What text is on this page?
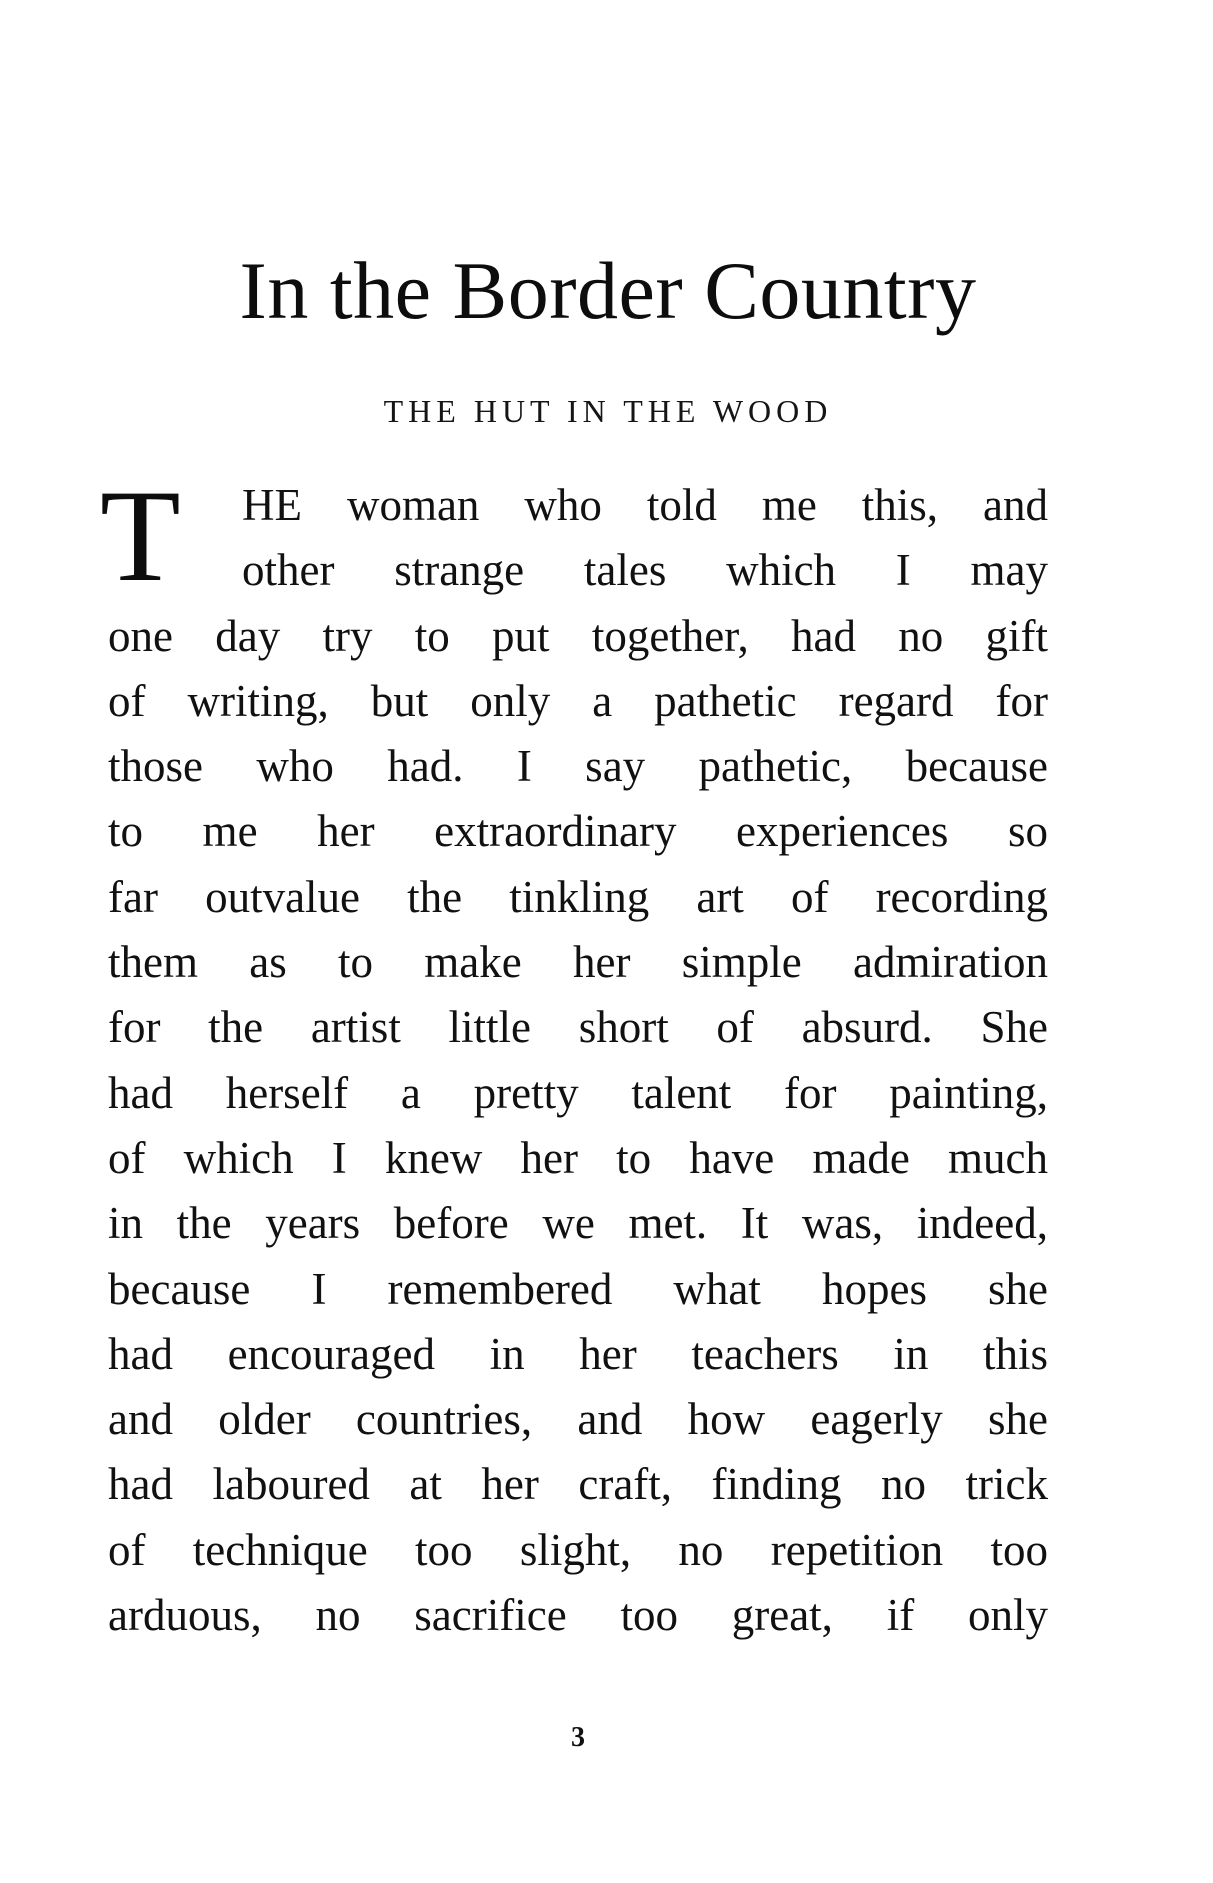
In the Border Country
THE HUT IN THE WOOD
T	HE woman who told me this, and
other strange tales which I may
one day try to put together, had no gift
of writing, but only a pathetic regard for
those who had. I say pathetic, because
to me her extraordinary experiences so
far outvalue the tinkling art of recording
them as to make her simple admiration
for the artist little short of absurd. She
had herself a pretty talent for painting,
of which I knew her to have made much
in the years before we met. It was, indeed,
because I remembered what hopes she
had encouraged in her teachers in this
and older countries, and how eagerly she
had laboured at her craft, finding no trick
of technique too slight, no repetition too
arduous, no sacrifice too great, if only
3
